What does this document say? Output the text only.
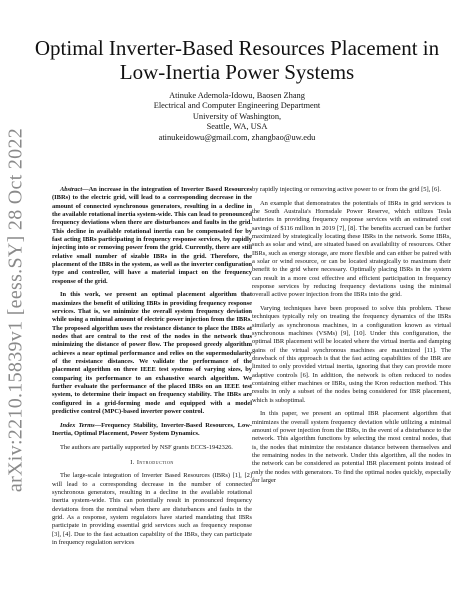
arXiv:2210.15839v1 [eess.SY] 28 Oct 2022
Optimal Inverter-Based Resources Placement in
Low-Inertia Power Systems
Atinuke Ademola-Idowu, Baosen Zhang
Electrical and Computer Engineering Department
University of Washington,
Seattle, WA, USA
atinukeidowu@gmail.com, zhangbao@uw.edu

Abstract—An increase in the integration of Inverter Based Resources (IBRs) to the electric grid, will lead to a corresponding decrease in the amount of connected synchronous generators, resulting in a decline in the available rotational inertia system-wide. This can lead to pronounced frequency deviations when there are disturbances and faults in the grid. This decline in available rotational inertia can be compensated for by fast acting IBRs participating in frequency response services, by rapidly injecting into or removing power from the grid. Currently, there are still relative small number of sizable IBRs in the grid. Therefore, the placement of the IBRs in the system, as well as the inverter configuration type and controller, will have a material impact on the frequency response of the grid.

In this work, we present an optimal placement algorithm that maximizes the benefit of utilizing IBRs in providing frequency response services. That is, we minimize the overall system frequency deviation while using a minimal amount of electric power injection from the IBRs. The proposed algorithm uses the resistance distance to place the IBRs at nodes that are central to the rest of the nodes in the network thus minimizing the distance of power flow. The proposed greedy algorithm achieves a near optimal performance and relies on the supermodularity of the resistance distances. We validate the performance of the placement algorithm on three IEEE test systems of varying sizes, by comparing its performance to an exhaustive search algorithm. We further evaluate the performance of the placed IBRs on an IEEE test system, to determine their impact on frequency stability. The IBRs are configured in a grid-forming mode and equipped with a model predictive control (MPC)-based inverter power control.

Index Terms—Frequency Stability, Inverter-Based Resources, Low-Inertia, Optimal Placement, Power System Dynamics.

The authors are partially supported by NSF grants ECCS-1942326.

I. Introduction

The large-scale integration of Inverter Based Resources (IBRs) [1], [2] will lead to a corresponding decrease in the number of connected synchronous generators, resulting in a decline in the available rotational inertia system-wide. This can potentially result in pronounced frequency deviations from the nominal when there are disturbances and faults in the grid. As a response, system regulators have started mandating that IBRs participate in providing essential grid services such as frequency response [3], [4]. Due to the fast actuation capability of the IBRs, they can participate in frequency regulation services

by rapidly injecting or removing active power to or from the grid [5], [6].

An example that demonstrates the potentials of IBRs in grid services is the South Australia's Hornsdale Power Reserve, which utilizes Tesla batteries in providing frequency response services with an estimated cost savings of $116 million in 2019 [7], [8]. The benefits accrued can be further maximized by strategically locating these IBRs in the network. Some IBRs, such as solar and wind, are situated based on availability of resources. Other IBRs, such as energy storage, are more flexible and can either be paired with a solar or wind resource, or can be located strategically to maximum their benefit to the grid where necessary. Optimally placing IBRs in the system can result in a more cost effective and efficient participation in frequency response services by reducing frequency deviations using the minimal overall active power injection from the IBRs into the grid.

Varying techniques have been proposed to solve this problem. These techniques typically rely on treating the frequency dynamics of the IBRs similarly as synchronous machines, in a configuration known as virtual synchronous machines (VSMs) [9], [10]. Under this configuration, the optimal IBR placement will be located where the virtual inertia and damping gains of the virtual synchronous machines are maximized [11]. The drawback of this approach is that the fast acting capabilities of the IBR are limited to only provided virtual inertia, ignoring that they can provide more adaptive controls [6]. In addition, the network is often reduced to nodes containing either machines or IBRs, using the Kron reduction method. This results in only a subset of the nodes being considered for IBR placement, which is suboptimal.

In this paper, we present an optimal IBR placement algorithm that minimizes the overall system frequency deviation while utilizing a minimal amount of power injection from the IBRs, in the event of a disturbance to the network. This algorithm functions by selecting the most central nodes, that is, the nodes that minimize the resistance distance between themselves and the remaining nodes in the network. Under this algorithm, all the nodes in the network can be considered as potential IBR placement points instead of only the nodes with generators. To find the optimal nodes quickly, especially for larger
